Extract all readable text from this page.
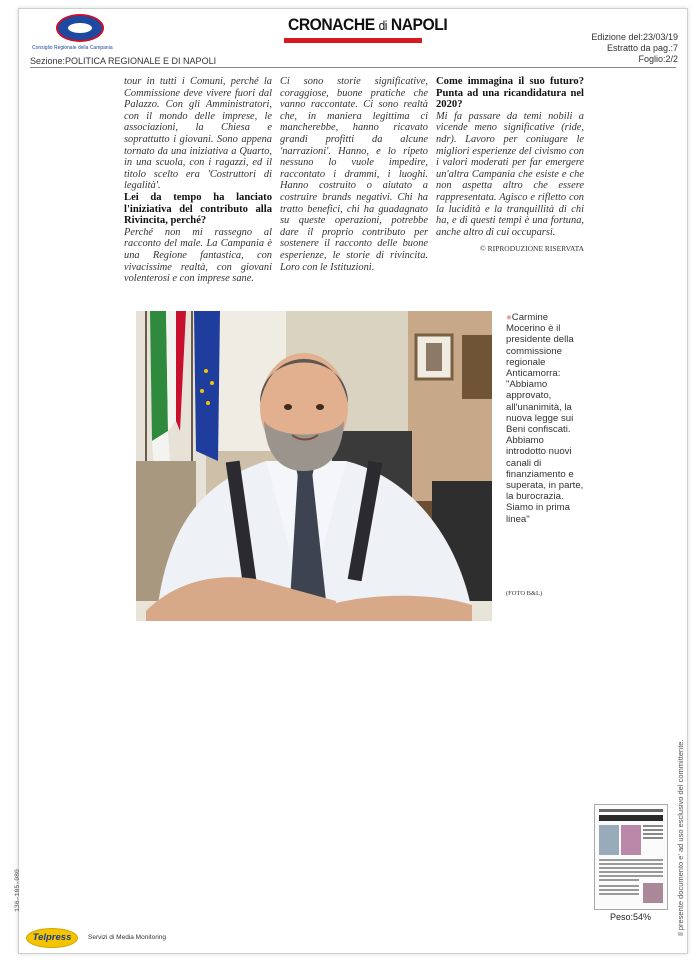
Consiglio Regionale della Campania
CRONACHE di NAPOLI
Edizione del:23/03/19
Estratto da pag.:7
Foglio:2/2
Sezione:POLITICA REGIONALE E DI NAPOLI

tour in tutti i Comuni, perché la Commissione deve vivere fuori dal Palazzo. Con gli Amministratori, con il mondo delle imprese, le associazioni, la Chiesa e soprattutto i giovani. Sono appena tornato da una iniziativa a Quarto, in una scuola, con i ragazzi, ed il titolo scelto era 'Costruttori di legalità'.

Lei da tempo ha lanciato l'iniziativa del contributo alla Rivincita, perché?

Perché non mi rassegno al racconto del male. La Campania è una Regione fantastica, con vivacissime realtà, con giovani volenterosi e con imprese sane.

Ci sono storie significative, coraggiose, buone pratiche che vanno raccontate. Ci sono realtà che, in maniera legittima ci mancherebbe, hanno ricavato grandi profitti da alcune 'narrazioni'. Hanno, e lo ripeto nessuno lo vuole impedire, raccontato i drammi, i luoghi. Hanno costruito o aiutato a costruire brands negativi. Chi ha tratto benefici, chi ha guadagnato su queste operazioni, potrebbe dare il proprio contributo per sostenere il racconto delle buone esperienze, le storie di rivincita. Loro con le Istituzioni.

Come immagina il suo futuro? Punta ad una ricandidatura nel 2020?

Mi fa passare da temi nobili a vicende meno significative (ride, ndr). Lavoro per coniugare le migliori esperienze del civismo con i valori moderati per far emergere un'altra Campania che esiste e che non aspetta altro che essere rappresentata. Agisco e rifletto con la lucidità e la tranquillità di chi ha, e di questi tempi è una fortuna, anche altro di cui occuparsi.

© RIPRODUZIONE RISERVATA

●Carmine Mocerino è il presidente della commissione regionale Anticamorra: "Abbiamo approvato, all'unanimità, la nuova legge sui Beni confiscati. Abbiamo introdotto nuovi canali di finanziamento e superata, in parte, la burocrazia. Siamo in prima linea"
(FOTO B&L)
Peso:54%	Il presente documento e' ad uso esclusivo del committente.
136-105-080
Telpress	Servizi di Media Monitoring
